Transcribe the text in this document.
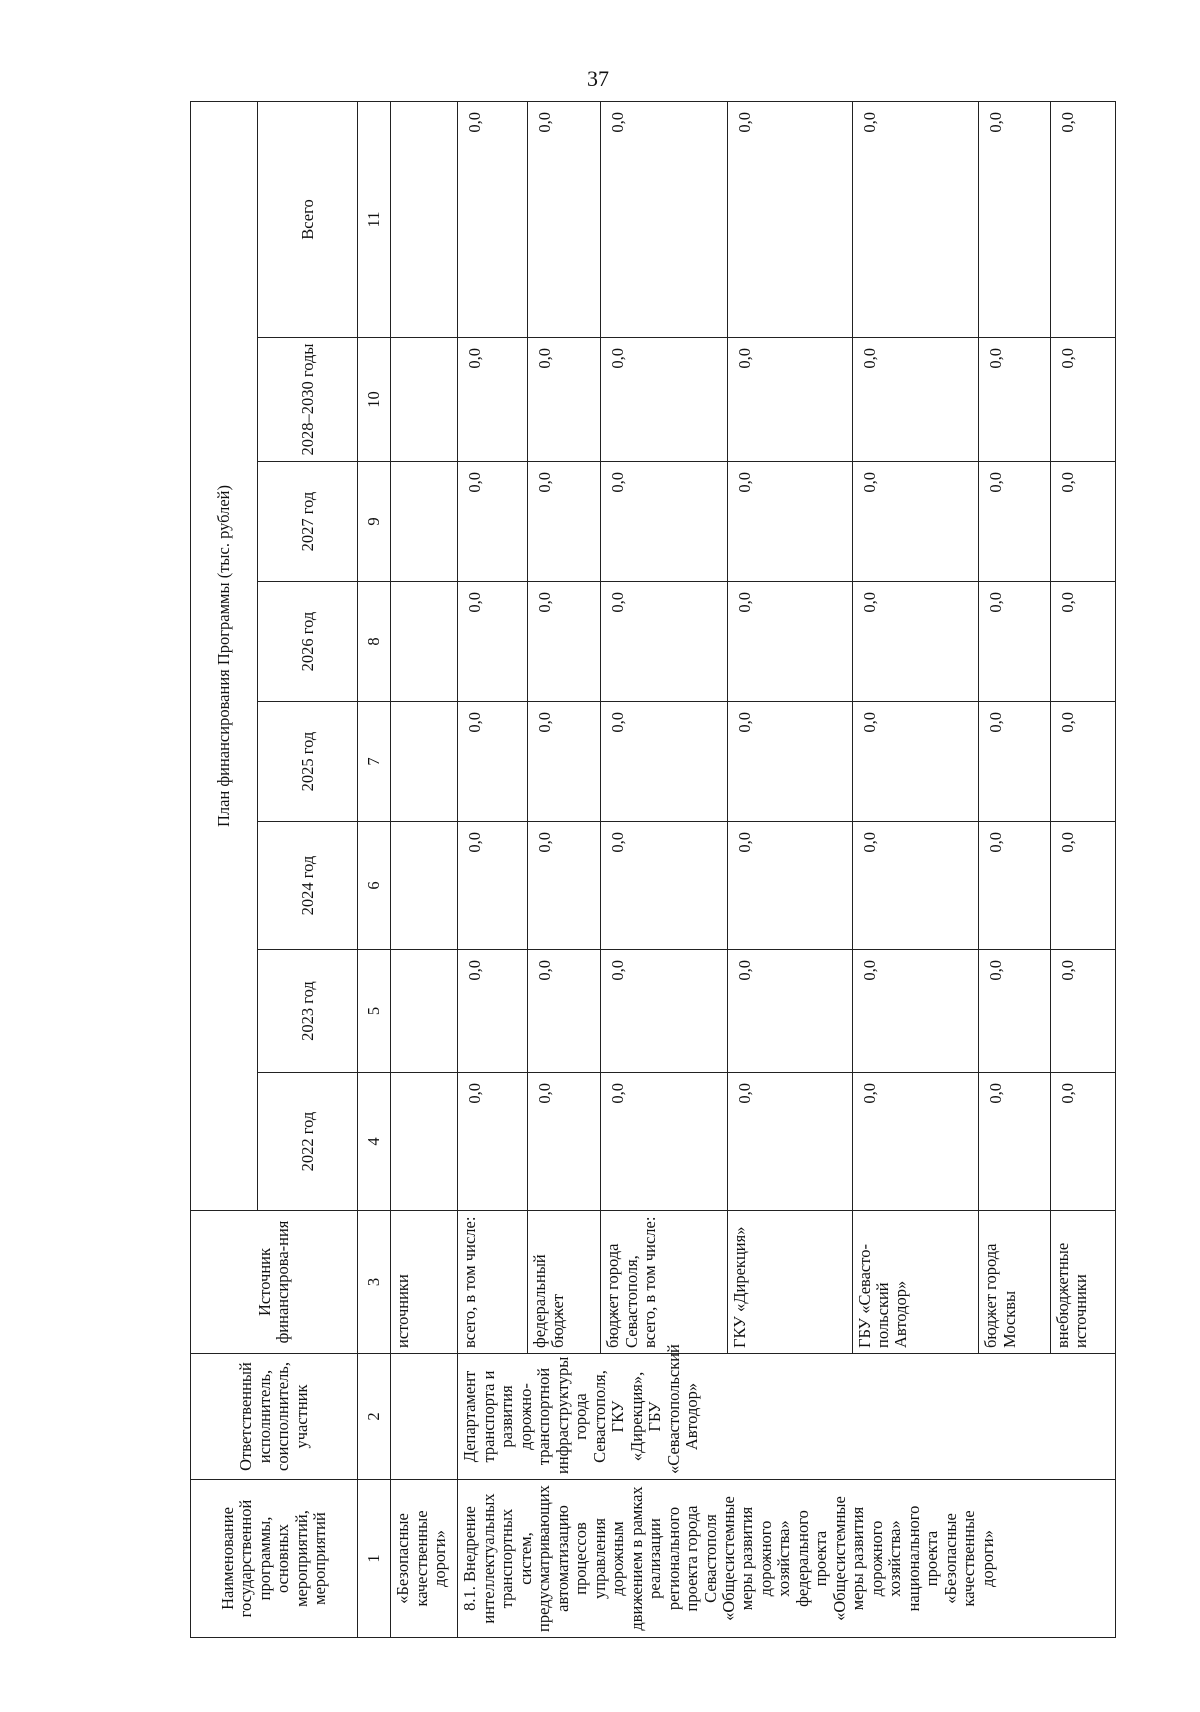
37
Наименование государственной программы, основных мероприятий, мероприятий	Ответственный исполнитель, соисполнитель, участник	Источник финансирова-ния	План финансирования Программы (тыс. рублей)							
			2022 год	2023 год	2024 год	2025 год	2026 год	2027 год	2028–2030 годы	Всего
1	2	3	4	5	6	7	8	9	10	11
«Безопасные качественные дороги»		источники								
8.1. Внедрение интеллектуальных транспортных систем, предусматривающих автоматизацию процессов управления дорожным движением в рамках реализации регионального проекта города Севастополя «Общесистемные меры развития дорожного хозяйства» федерального проекта «Общесистемные меры развития дорожного хозяйства» национального проекта «Безопасные качественные дороги»	Департамент транспорта и развития дорожно-транспортной инфраструктуры города Севастополя, ГКУ «Дирекция», ГБУ «Севастопольский Автодор»	всего, в том числе:	0,0	0,0	0,0	0,0	0,0	0,0	0,0	0,0
		федеральный бюджет	0,0	0,0	0,0	0,0	0,0	0,0	0,0	0,0
		бюджет города Севастополя, всего, в том числе:	0,0	0,0	0,0	0,0	0,0	0,0	0,0	0,0
		ГКУ «Дирекция»	0,0	0,0	0,0	0,0	0,0	0,0	0,0	0,0
		ГБУ «Севасто-польский Автодор»	0,0	0,0	0,0	0,0	0,0	0,0	0,0	0,0
		бюджет города Москвы	0,0	0,0	0,0	0,0	0,0	0,0	0,0	0,0
		внебюджетные источники	0,0	0,0	0,0	0,0	0,0	0,0	0,0	0,0
